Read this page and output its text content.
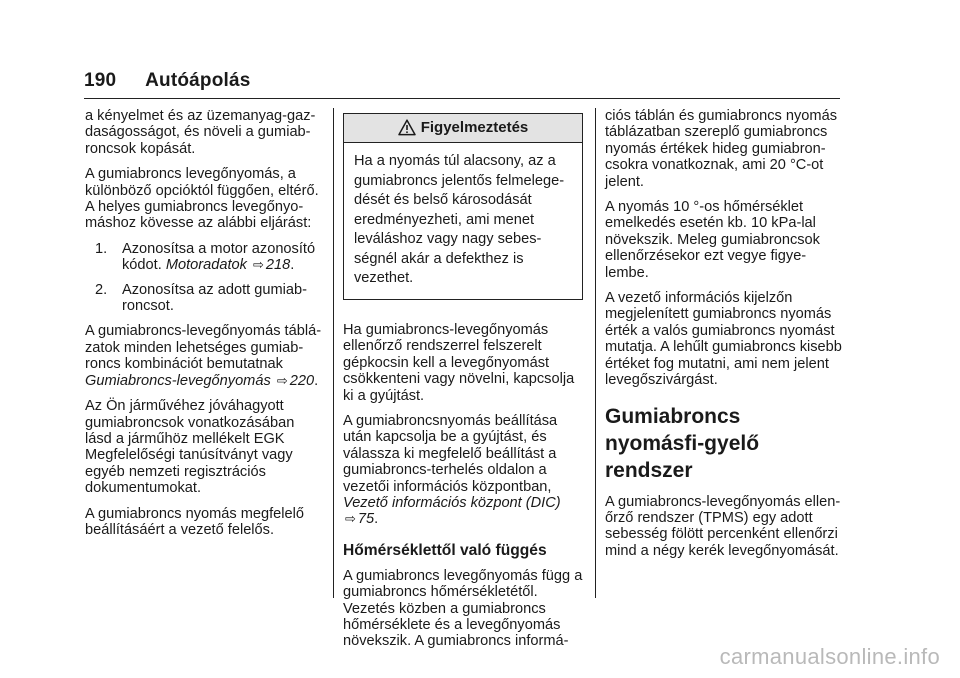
190 Autóápolás

a kényelmet és az üzemanyag-gaz-daságosságot, és növeli a gumiab-roncsok kopását.

A gumiabroncs levegőnyomás, a különböző opcióktól függően, eltérő. A helyes gumiabroncs levegőnyo-máshoz kövesse az alábbi eljárást:

1.	Azonosítsa a motor azonosító kódot. Motoradatok ⇨ 218.
2.	Azonosítsa az adott gumiab-roncsot.

A gumiabroncs-levegőnyomás táblá-zatok minden lehetséges gumiab-roncs kombinációt bemutatnak Gumiabroncs-levegőnyomás ⇨ 220.

Az Ön járművéhez jóváhagyott gumiabroncsok vonatkozásában lásd a járműhöz mellékelt EGK Megfelelőségi tanúsítványt vagy egyéb nemzeti regisztrációs dokumentumokat.

A gumiabroncs nyomás megfelelő beállításáért a vezető felelős.

Figyelmeztetés
Ha a nyomás túl alacsony, az a gumiabroncs jelentős felmelege-dését és belső károsodását eredményezheti, ami menet leváláshoz vagy nagy sebes-ségnél akár a defekthez is vezethet.

Ha gumiabroncs-levegőnyomás ellenőrző rendszerrel felszerelt gépkocsin kell a levegőnyomást csökkenteni vagy növelni, kapcsolja ki a gyújtást.

A gumiabroncsnyomás beállítása után kapcsolja be a gyújtást, és válassza ki megfelelő beállítást a gumiabroncs-terhelés oldalon a vezetői információs központban, Vezető információs központ (DIC) ⇨ 75.

Hőmérséklettől való függés

A gumiabroncs levegőnyomás függ a gumiabroncs hőmérsékletétől. Vezetés közben a gumiabroncs hőmérséklete és a levegőnyomás növekszik. A gumiabroncs informá-

ciós táblán és gumiabroncs nyomás táblázatban szereplő gumiabroncs nyomás értékek hideg gumiabron-csokra vonatkoznak, ami 20 °C-ot jelent.

A nyomás 10 °-os hőmérséklet emelkedés esetén kb. 10 kPa-lal növekszik. Meleg gumiabroncsok ellenőrzésekor ezt vegye figye-lembe.

A vezető információs kijelzőn megjelenített gumiabroncs nyomás érték a valós gumiabroncs nyomást mutatja. A lehűlt gumiabroncs kisebb értéket fog mutatni, ami nem jelent levegőszivárgást.

Gumiabroncs nyomásfi-gyelő rendszer

A gumiabroncs-levegőnyomás ellen-őrző rendszer (TPMS) egy adott sebesség fölött percenként ellenőrzi mind a négy kerék levegőnyomását.

carmanualsonline.info
